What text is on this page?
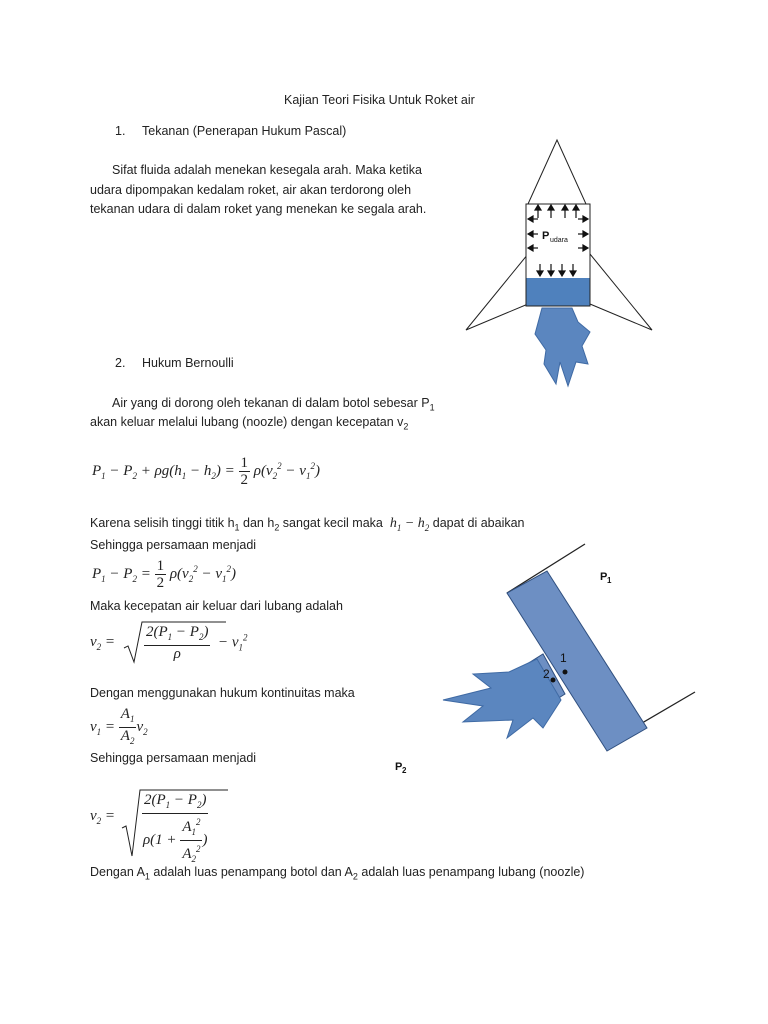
Kajian Teori Fisika Untuk Roket air
1. Tekanan (Penerapan Hukum Pascal)
Sifat fluida adalah menekan kesegala arah. Maka ketika
udara dipompakan kedalam roket, air akan terdorong oleh
tekanan udara di dalam roket yang menekan ke segala arah.
P udara
2. Hukum Bernoulli
Air yang di dorong oleh tekanan di dalam botol sebesar $P_1$
akan keluar melalui lubang (noozle) dengan kecepatan $v_2$
$P_1 - P_2 + \rho g(h_1 - h_2) = \frac{1}{2} \rho(v_2^2 - v_1^2)$
Karena selisih tinggi titik $h_1$ dan $h_2$ sangat kecil maka  $h_1 - h_2$ dapat di abaikan
Sehingga persamaan menjadi
$P_1 - P_2 = \frac{1}{2} \rho(v_2^2 - v_1^2)$
Maka kecepatan air keluar dari lubang adalah
$v_2 = \frac{2(P_1 - P_2)}{\rho} - v_1^2$
Dengan menggunakan hukum kontinuitas maka
$v_1 = \frac{A_1}{A_2} v_2$
Sehingga persamaan menjadi
$v_2 = \frac{2(P_1 - P_2)}{\rho(1 + \frac{A_1^2}{A_2^2} )}$
Dengan $A_1$ adalah luas penampang botol dan $A_2$ adalah luas penampang lubang (noozle)
1
2
P 1
P 2
